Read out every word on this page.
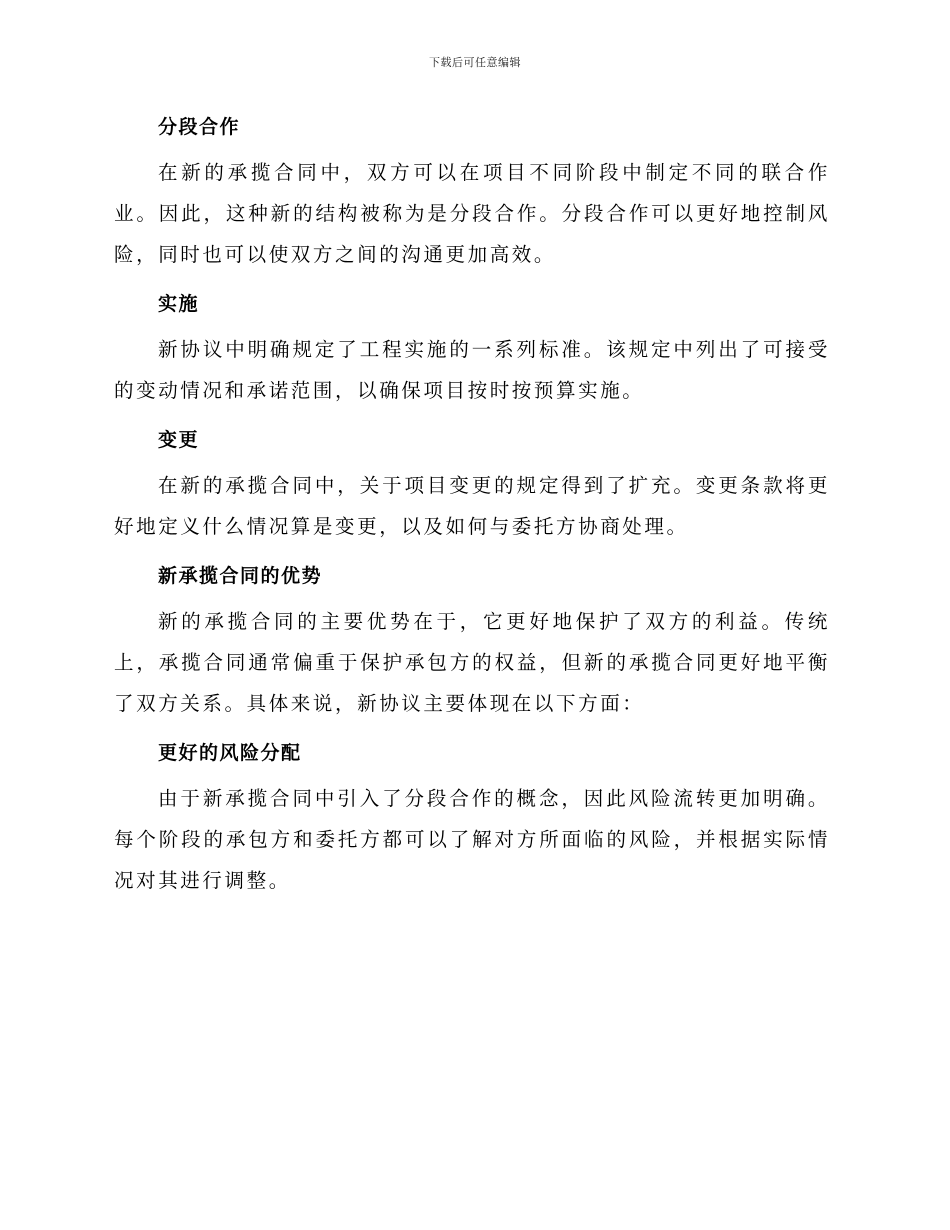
下载后可任意编辑
分段合作

在新的承揽合同中，双方可以在项目不同阶段中制定不同的联合作业。因此，这种新的结构被称为是分段合作。分段合作可以更好地控制风险，同时也可以使双方之间的沟通更加高效。

实施

新协议中明确规定了工程实施的一系列标准。该规定中列出了可接受的变动情况和承诺范围，以确保项目按时按预算实施。

变更

在新的承揽合同中，关于项目变更的规定得到了扩充。变更条款将更好地定义什么情况算是变更，以及如何与委托方协商处理。

新承揽合同的优势

新的承揽合同的主要优势在于，它更好地保护了双方的利益。传统上，承揽合同通常偏重于保护承包方的权益，但新的承揽合同更好地平衡了双方关系。具体来说，新协议主要体现在以下方面：

更好的风险分配

由于新承揽合同中引入了分段合作的概念，因此风险流转更加明确。每个阶段的承包方和委托方都可以了解对方所面临的风险，并根据实际情况对其进行调整。
